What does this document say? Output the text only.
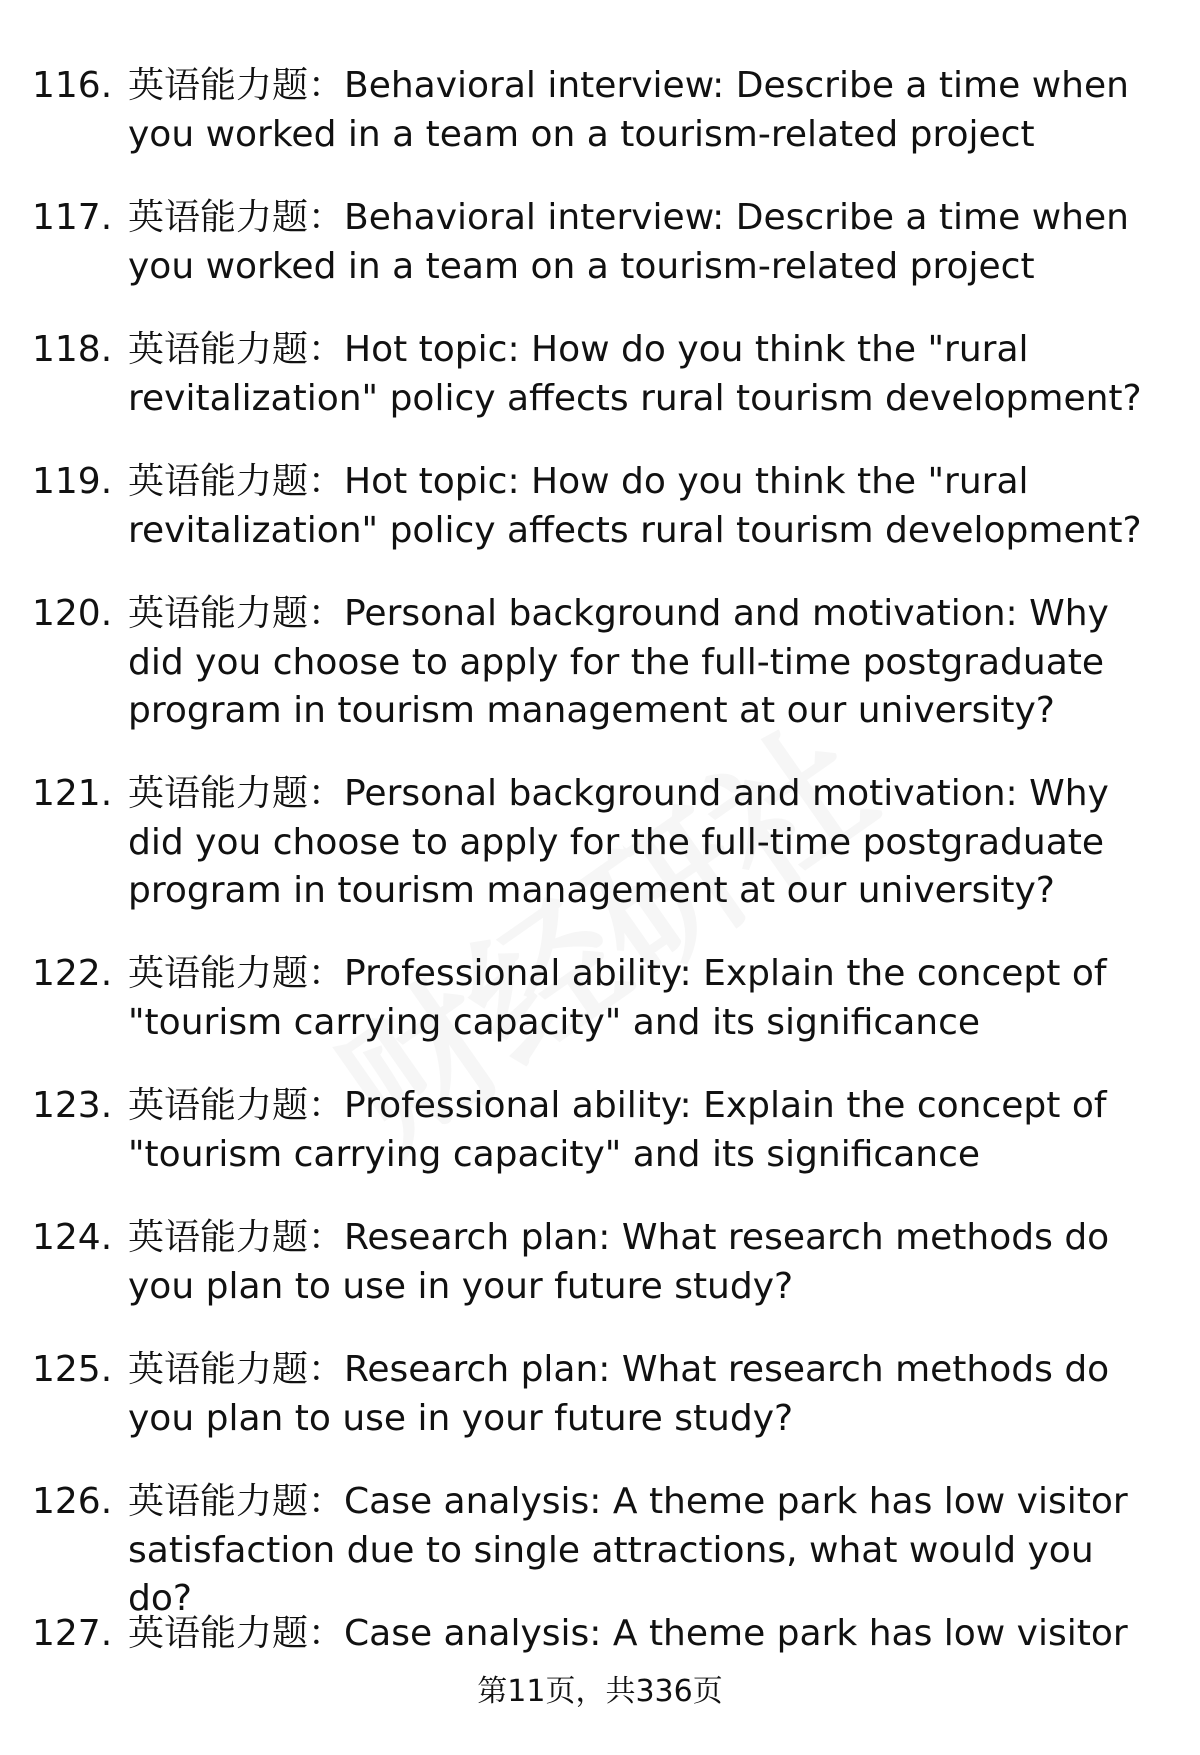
116. 英语能力题：Behavioral interview: Describe a time when you worked in a team on a tourism-related project
117. 英语能力题：Behavioral interview: Describe a time when you worked in a team on a tourism-related project
118. 英语能力题：Hot topic: How do you think the "rural revitalization" policy affects rural tourism development?
119. 英语能力题：Hot topic: How do you think the "rural revitalization" policy affects rural tourism development?
120. 英语能力题：Personal background and motivation: Why did you choose to apply for the full-time postgraduate program in tourism management at our university?
121. 英语能力题：Personal background and motivation: Why did you choose to apply for the full-time postgraduate program in tourism management at our university?
122. 英语能力题：Professional ability: Explain the concept of "tourism carrying capacity" and its significance
123. 英语能力题：Professional ability: Explain the concept of "tourism carrying capacity" and its significance
124. 英语能力题：Research plan: What research methods do you plan to use in your future study?
125. 英语能力题：Research plan: What research methods do you plan to use in your future study?
126. 英语能力题：Case analysis: A theme park has low visitor satisfaction due to single attractions, what would you do?
127. 英语能力题：Case analysis: A theme park has low visitor
第11页，共336页
